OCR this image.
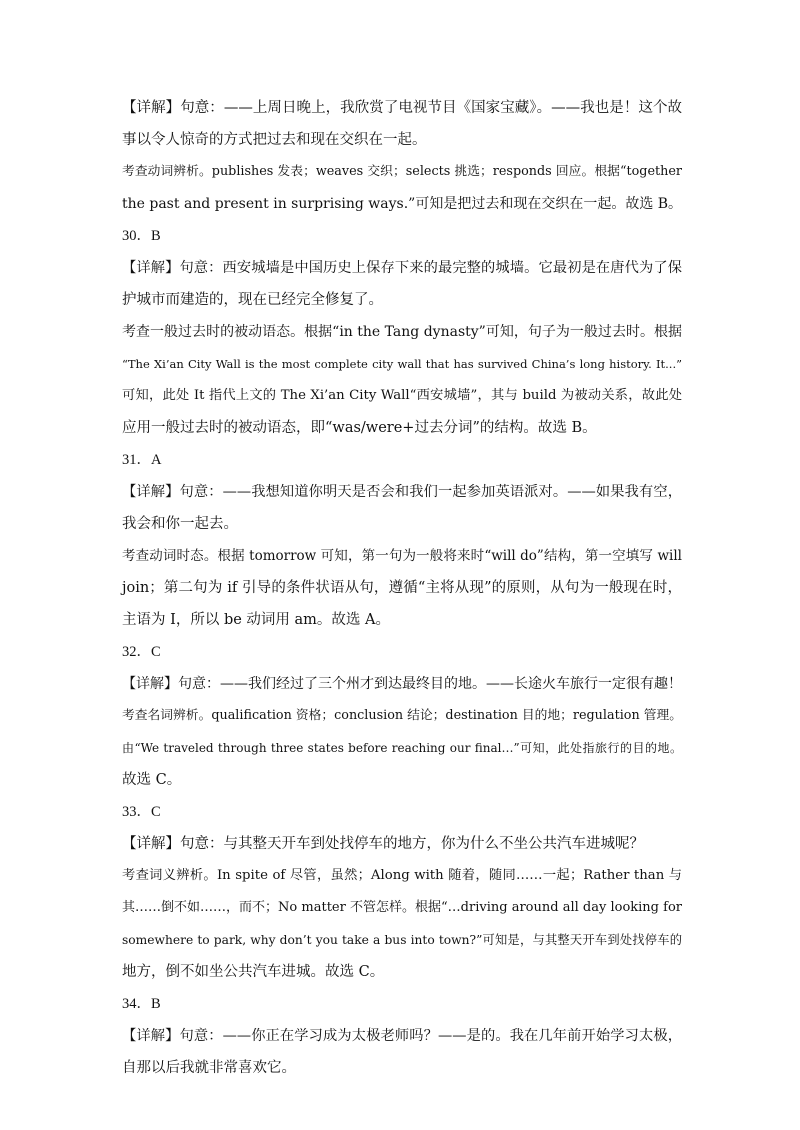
【详解】句意：——上周日晚上，我欣赏了电视节目《国家宝藏》。——我也是！这个故
事以令人惊奇的方式把过去和现在交织在一起。
考查动词辨析。publishes 发表；weaves 交织；selects 挑选；responds 回应。根据“together
the past and present in surprising ways.”可知是把过去和现在交织在一起。故选 B。
30．B
【详解】句意：西安城墙是中国历史上保存下来的最完整的城墙。它最初是在唐代为了保
护城市而建造的，现在已经完全修复了。
考查一般过去时的被动语态。根据“in the Tang dynasty”可知，句子为一般过去时。根据
“The Xi’an City Wall is the most complete city wall that has survived China’s long history. It...”
可知，此处 It 指代上文的 The Xi’an City Wall“西安城墙”，其与 build 为被动关系，故此处
应用一般过去时的被动语态，即“was/were+过去分词”的结构。故选 B。
31．A
【详解】句意：——我想知道你明天是否会和我们一起参加英语派对。——如果我有空，
我会和你一起去。
考查动词时态。根据 tomorrow 可知，第一句为一般将来时“will do”结构，第一空填写 will
join；第二句为 if 引导的条件状语从句，遵循“主将从现”的原则，从句为一般现在时，
主语为 I，所以 be 动词用 am。故选 A。
32．C
【详解】句意：——我们经过了三个州才到达最终目的地。——长途火车旅行一定很有趣！
考查名词辨析。qualification 资格；conclusion 结论；destination 目的地；regulation 管理。
由“We traveled through three states before reaching our final…”可知，此处指旅行的目的地。
故选 C。
33．C
【详解】句意：与其整天开车到处找停车的地方，你为什么不坐公共汽车进城呢？
考查词义辨析。In spite of 尽管，虽然；Along with 随着，随同……一起；Rather than 与
其……倒不如……，而不；No matter 不管怎样。根据“…driving around all day looking for
somewhere to park, why don’t you take a bus into town?”可知是，与其整天开车到处找停车的
地方，倒不如坐公共汽车进城。故选 C。
34．B
【详解】句意：——你正在学习成为太极老师吗？——是的。我在几年前开始学习太极，
自那以后我就非常喜欢它。
